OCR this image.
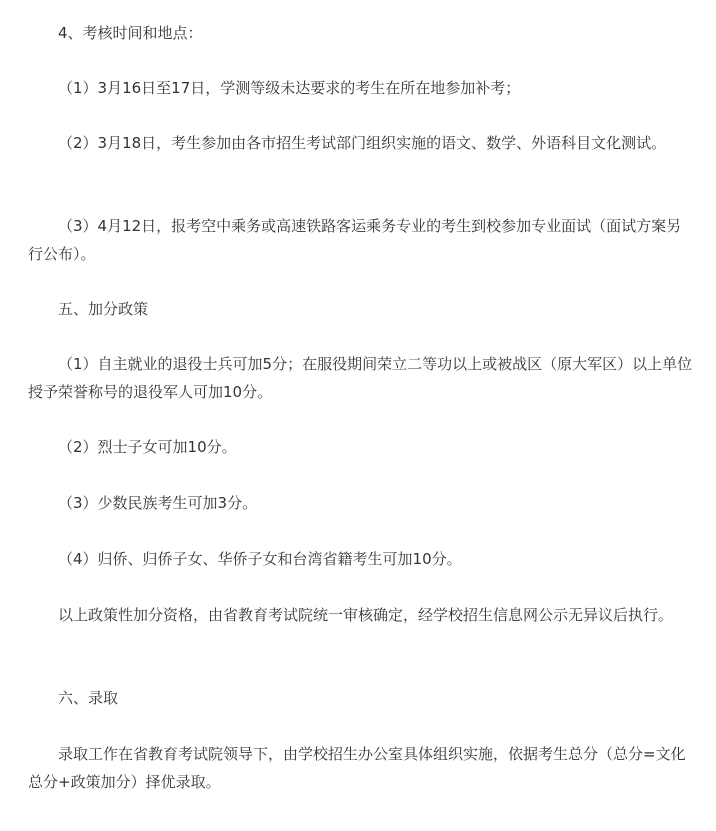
4、考核时间和地点：

（1）3月16日至17日，学测等级未达要求的考生在所在地参加补考；

（2）3月18日，考生参加由各市招生考试部门组织实施的语文、数学、外语科目文化测试。

（3）4月12日，报考空中乘务或高速铁路客运乘务专业的考生到校参加专业面试（面试方案另行公布）。

五、加分政策

（1）自主就业的退役士兵可加5分；在服役期间荣立二等功以上或被战区（原大军区）以上单位授予荣誉称号的退役军人可加10分。

（2）烈士子女可加10分。

（3）少数民族考生可加3分。

（4）归侨、归侨子女、华侨子女和台湾省籍考生可加10分。

以上政策性加分资格，由省教育考试院统一审核确定，经学校招生信息网公示无异议后执行。

六、录取

录取工作在省教育考试院领导下，由学校招生办公室具体组织实施，依据考生总分（总分=文化总分+政策加分）择优录取。
